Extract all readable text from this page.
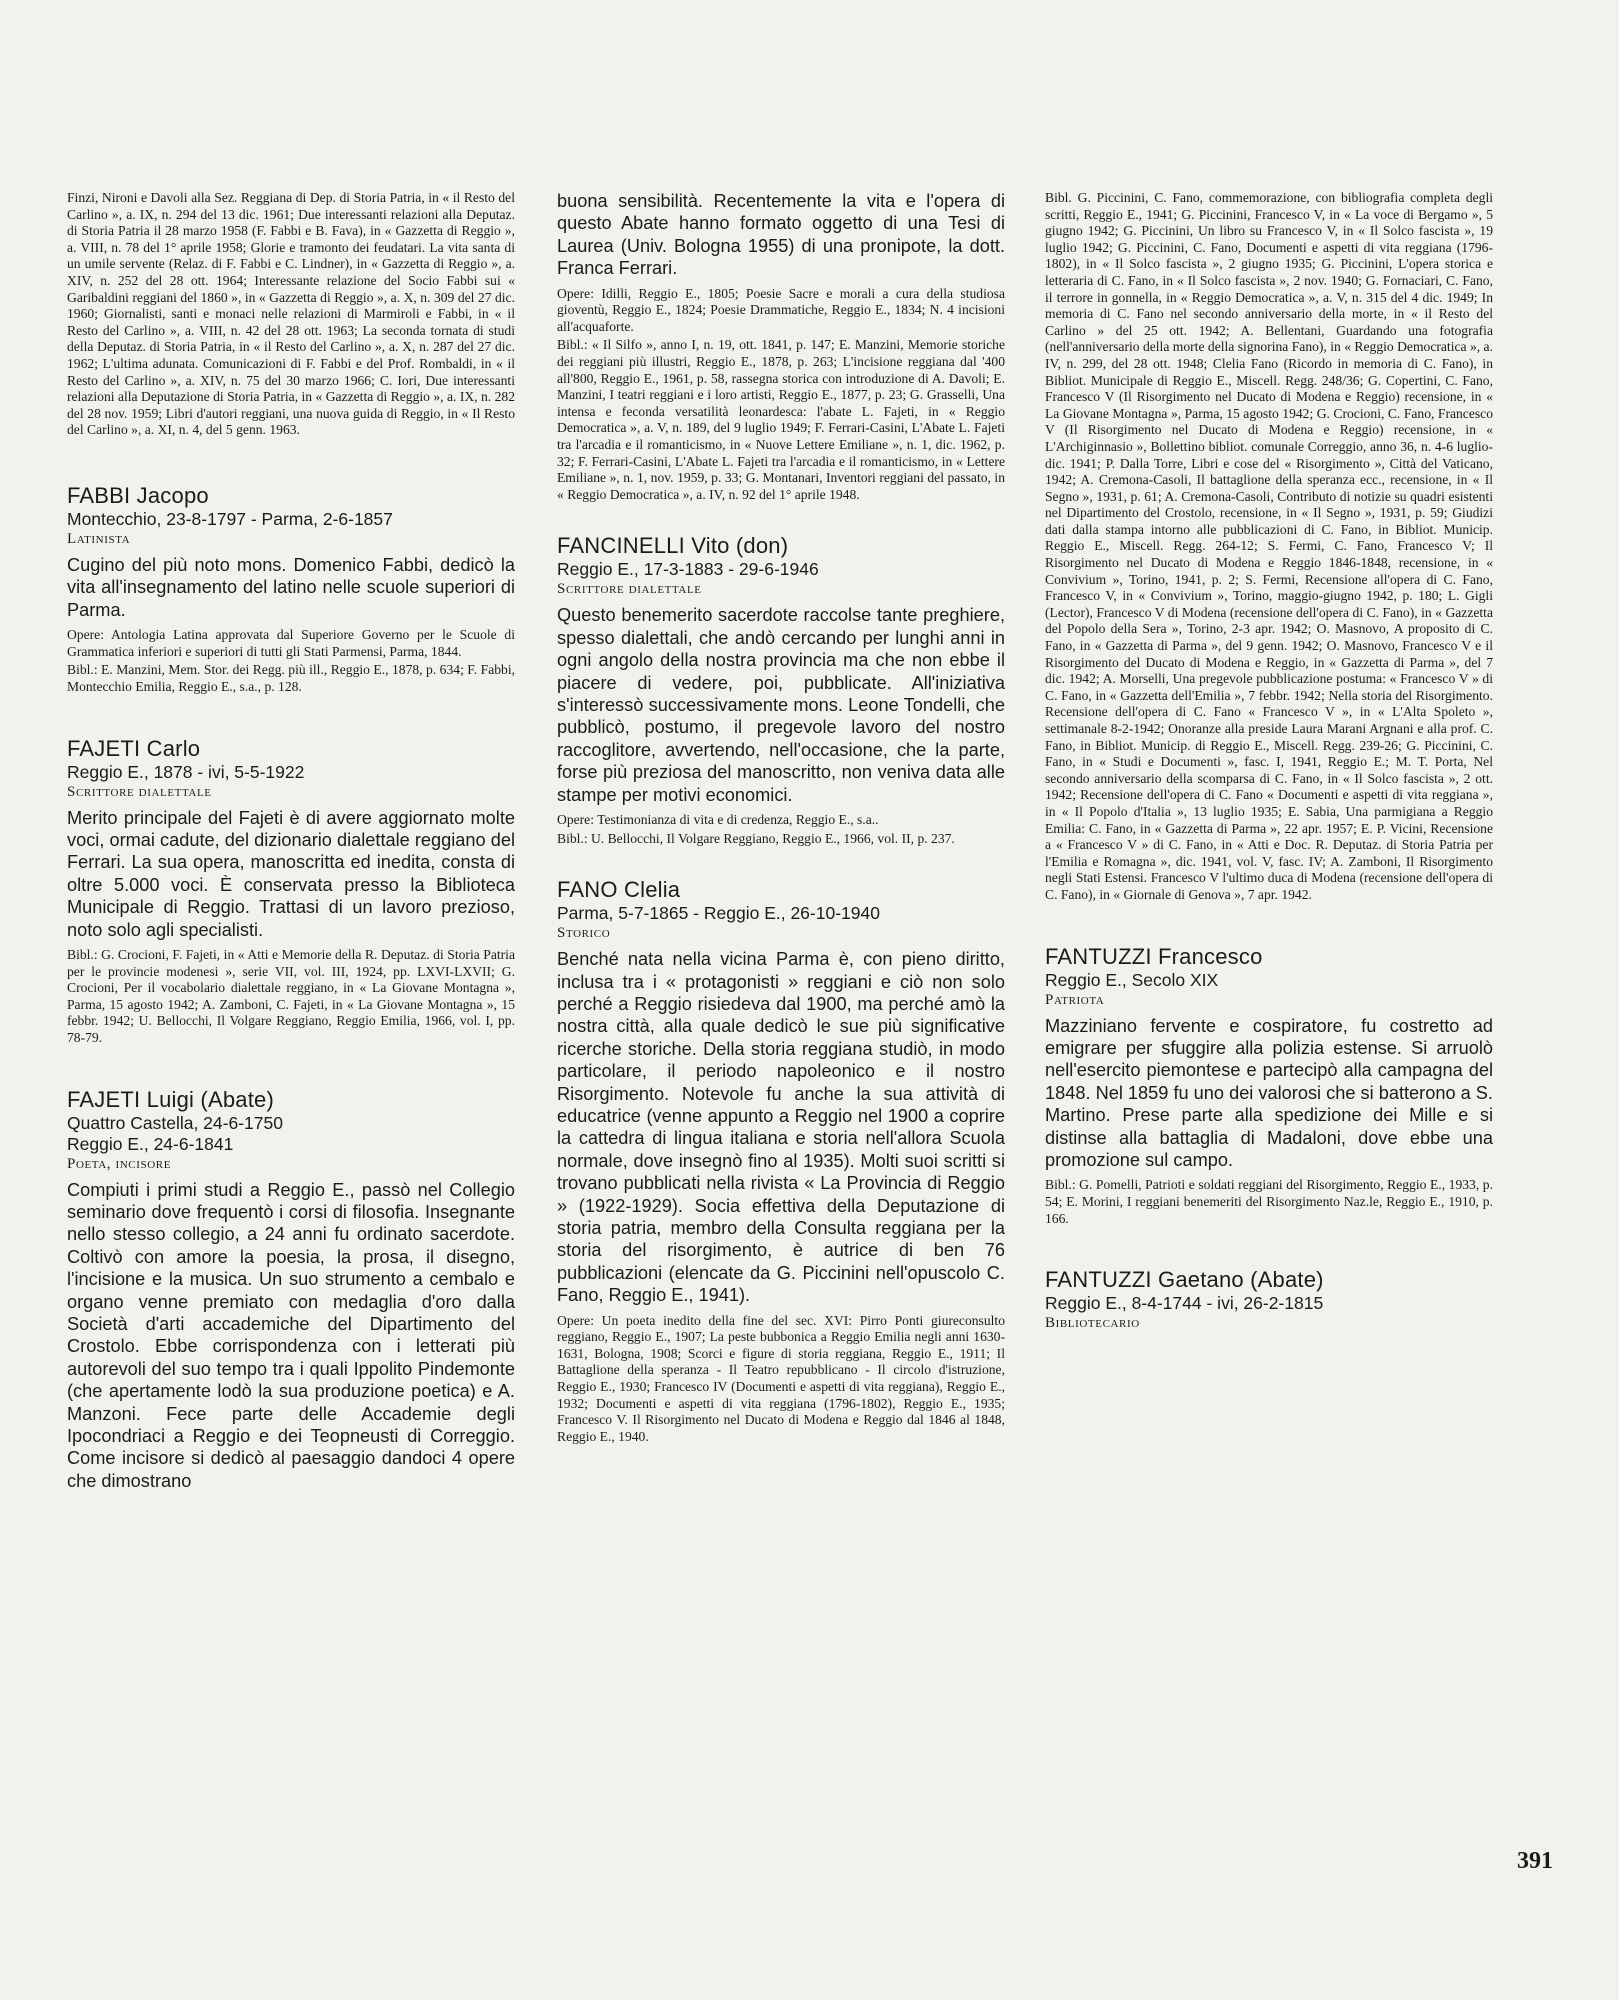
Finzi, Nironi e Davoli alla Sez. Reggiana di Dep. di Storia Patria, in « il Resto del Carlino », a. IX, n. 294 del 13 dic. 1961; Due interessanti relazioni alla Deputaz. di Storia Patria il 28 marzo 1958 (F. Fabbi e B. Fava), in « Gazzetta di Reggio », a. VIII, n. 78 del 1° aprile 1958; Glorie e tramonto dei feudatari. La vita santa di un umile servente (Relaz. di F. Fabbi e C. Lindner), in « Gazzetta di Reggio », a. XIV, n. 252 del 28 ott. 1964; Interessante relazione del Socio Fabbi sui « Garibaldini reggiani del 1860 », in « Gazzetta di Reggio », a. X, n. 309 del 27 dic. 1960; Giornalisti, santi e monaci nelle relazioni di Marmiroli e Fabbi, in « il Resto del Carlino », a. VIII, n. 42 del 28 ott. 1963; La seconda tornata di studi della Deputaz. di Storia Patria, in « il Resto del Carlino », a. X, n. 287 del 27 dic. 1962; L'ultima adunata. Comunicazioni di F. Fabbi e del Prof. Rombaldi, in « il Resto del Carlino », a. XIV, n. 75 del 30 marzo 1966; C. Iori, Due interessanti relazioni alla Deputazione di Storia Patria, in « Gazzetta di Reggio », a. IX, n. 282 del 28 nov. 1959; Libri d'autori reggiani, una nuova guida di Reggio, in « Il Resto del Carlino », a. XI, n. 4, del 5 genn. 1963.

FABBI Jacopo

Montecchio, 23-8-1797 - Parma, 2-6-1857

Latinista

Cugino del più noto mons. Domenico Fabbi, dedicò la vita all'insegnamento del latino nelle scuole superiori di Parma.

Opere: Antologia Latina approvata dal Superiore Governo per le Scuole di Grammatica inferiori e superiori di tutti gli Stati Parmensi, Parma, 1844.

Bibl.: E. Manzini, Mem. Stor. dei Regg. più ill., Reggio E., 1878, p. 634; F. Fabbi, Montecchio Emilia, Reggio E., s.a., p. 128.

FAJETI Carlo

Reggio E., 1878 - ivi, 5-5-1922

Scrittore dialettale

Merito principale del Fajeti è di avere aggiornato molte voci, ormai cadute, del dizionario dialettale reggiano del Ferrari. La sua opera, manoscritta ed inedita, consta di oltre 5.000 voci. È conservata presso la Biblioteca Municipale di Reggio. Trattasi di un lavoro prezioso, noto solo agli specialisti.

Bibl.: G. Crocioni, F. Fajeti, in « Atti e Memorie della R. Deputaz. di Storia Patria per le provincie modenesi », serie VII, vol. III, 1924, pp. LXVI-LXVII; G. Crocioni, Per il vocabolario dialettale reggiano, in « La Giovane Montagna », Parma, 15 agosto 1942; A. Zamboni, C. Fajeti, in « La Giovane Montagna », 15 febbr. 1942; U. Bellocchi, Il Volgare Reggiano, Reggio Emilia, 1966, vol. I, pp. 78-79.

FAJETI Luigi (Abate)

Quattro Castella, 24-6-1750

Reggio E., 24-6-1841

Poeta, incisore

Compiuti i primi studi a Reggio E., passò nel Collegio seminario dove frequentò i corsi di filosofia. Insegnante nello stesso collegio, a 24 anni fu ordinato sacerdote. Coltivò con amore la poesia, la prosa, il disegno, l'incisione e la musica. Un suo strumento a cembalo e organo venne premiato con medaglia d'oro dalla Società d'arti accademiche del Dipartimento del Crostolo. Ebbe corrispondenza con i letterati più autorevoli del suo tempo tra i quali Ippolito Pindemonte (che apertamente lodò la sua produzione poetica) e A. Manzoni. Fece parte delle Accademie degli Ipocondriaci a Reggio e dei Teopneusti di Correggio. Come incisore si dedicò al paesaggio dandoci 4 opere che dimostrano

buona sensibilità. Recentemente la vita e l'opera di questo Abate hanno formato oggetto di una Tesi di Laurea (Univ. Bologna 1955) di una pronipote, la dott. Franca Ferrari.

Opere: Idilli, Reggio E., 1805; Poesie Sacre e morali a cura della studiosa gioventù, Reggio E., 1824; Poesie Drammatiche, Reggio E., 1834; N. 4 incisioni all'acquaforte.

Bibl.: « Il Silfo », anno I, n. 19, ott. 1841, p. 147; E. Manzini, Memorie storiche dei reggiani più illustri, Reggio E., 1878, p. 263; L'incisione reggiana dal '400 all'800, Reggio E., 1961, p. 58, rassegna storica con introduzione di A. Davoli; E. Manzini, I teatri reggiani e i loro artisti, Reggio E., 1877, p. 23; G. Grasselli, Una intensa e feconda versatilità leonardesca: l'abate L. Fajeti, in « Reggio Democratica », a. V, n. 189, del 9 luglio 1949; F. Ferrari-Casini, L'Abate L. Fajeti tra l'arcadia e il romanticismo, in « Nuove Lettere Emiliane », n. 1, dic. 1962, p. 32; F. Ferrari-Casini, L'Abate L. Fajeti tra l'arcadia e il romanticismo, in « Lettere Emiliane », n. 1, nov. 1959, p. 33; G. Montanari, Inventori reggiani del passato, in « Reggio Democratica », a. IV, n. 92 del 1° aprile 1948.

FANCINELLI Vito (don)

Reggio E., 17-3-1883 - 29-6-1946

Scrittore dialettale

Questo benemerito sacerdote raccolse tante preghiere, spesso dialettali, che andò cercando per lunghi anni in ogni angolo della nostra provincia ma che non ebbe il piacere di vedere, poi, pubblicate. All'iniziativa s'interessò successivamente mons. Leone Tondelli, che pubblicò, postumo, il pregevole lavoro del nostro raccoglitore, avvertendo, nell'occasione, che la parte, forse più preziosa del manoscritto, non veniva data alle stampe per motivi economici.

Opere: Testimonianza di vita e di credenza, Reggio E., s.a..

Bibl.: U. Bellocchi, Il Volgare Reggiano, Reggio E., 1966, vol. II, p. 237.

FANO Clelia

Parma, 5-7-1865 - Reggio E., 26-10-1940

Storico

Benché nata nella vicina Parma è, con pieno diritto, inclusa tra i « protagonisti » reggiani e ciò non solo perché a Reggio risiedeva dal 1900, ma perché amò la nostra città, alla quale dedicò le sue più significative ricerche storiche. Della storia reggiana studiò, in modo particolare, il periodo napoleonico e il nostro Risorgimento. Notevole fu anche la sua attività di educatrice (venne appunto a Reggio nel 1900 a coprire la cattedra di lingua italiana e storia nell'allora Scuola normale, dove insegnò fino al 1935). Molti suoi scritti si trovano pubblicati nella rivista « La Provincia di Reggio » (1922-1929). Socia effettiva della Deputazione di storia patria, membro della Consulta reggiana per la storia del risorgimento, è autrice di ben 76 pubblicazioni (elencate da G. Piccinini nell'opuscolo C. Fano, Reggio E., 1941).

Opere: Un poeta inedito della fine del sec. XVI: Pirro Ponti giureconsulto reggiano, Reggio E., 1907; La peste bubbonica a Reggio Emilia negli anni 1630-1631, Bologna, 1908; Scorci e figure di storia reggiana, Reggio E., 1911; Il Battaglione della speranza - Il Teatro repubblicano - Il circolo d'istruzione, Reggio E., 1930; Francesco IV (Documenti e aspetti di vita reggiana), Reggio E., 1932; Documenti e aspetti di vita reggiana (1796-1802), Reggio E., 1935; Francesco V. Il Risorgimento nel Ducato di Modena e Reggio dal 1846 al 1848, Reggio E., 1940.

Bibl. G. Piccinini, C. Fano, commemorazione, con bibliografia completa degli scritti, Reggio E., 1941; G. Piccinini, Francesco V, in « La voce di Bergamo », 5 giugno 1942; G. Piccinini, Un libro su Francesco V, in « Il Solco fascista », 19 luglio 1942; G. Piccinini, C. Fano, Documenti e aspetti di vita reggiana (1796-1802), in « Il Solco fascista », 2 giugno 1935; G. Piccinini, L'opera storica e letteraria di C. Fano, in « Il Solco fascista », 2 nov. 1940; G. Fornaciari, C. Fano, il terrore in gonnella, in « Reggio Democratica », a. V, n. 315 del 4 dic. 1949; In memoria di C. Fano nel secondo anniversario della morte, in « il Resto del Carlino » del 25 ott. 1942; A. Bellentani, Guardando una fotografia (nell'anniversario della morte della signorina Fano), in « Reggio Democratica », a. IV, n. 299, del 28 ott. 1948; Clelia Fano (Ricordo in memoria di C. Fano), in Bibliot. Municipale di Reggio E., Miscell. Regg. 248/36; G. Copertini, C. Fano, Francesco V (Il Risorgimento nel Ducato di Modena e Reggio) recensione, in « La Giovane Montagna », Parma, 15 agosto 1942; G. Crocioni, C. Fano, Francesco V (Il Risorgimento nel Ducato di Modena e Reggio) recensione, in « L'Archiginnasio », Bollettino bibliot. comunale Correggio, anno 36, n. 4-6 luglio-dic. 1941; P. Dalla Torre, Libri e cose del « Risorgimento », Città del Vaticano, 1942; A. Cremona-Casoli, Il battaglione della speranza ecc., recensione, in « Il Segno », 1931, p. 61; A. Cremona-Casoli, Contributo di notizie su quadri esistenti nel Dipartimento del Crostolo, recensione, in « Il Segno », 1931, p. 59; Giudizi dati dalla stampa intorno alle pubblicazioni di C. Fano, in Bibliot. Municip. Reggio E., Miscell. Regg. 264-12; S. Fermi, C. Fano, Francesco V; Il Risorgimento nel Ducato di Modena e Reggio 1846-1848, recensione, in « Convivium », Torino, 1941, p. 2; S. Fermi, Recensione all'opera di C. Fano, Francesco V, in « Convivium », Torino, maggio-giugno 1942, p. 180; L. Gigli (Lector), Francesco V di Modena (recensione dell'opera di C. Fano), in « Gazzetta del Popolo della Sera », Torino, 2-3 apr. 1942; O. Masnovo, A proposito di C. Fano, in « Gazzetta di Parma », del 9 genn. 1942; O. Masnovo, Francesco V e il Risorgimento del Ducato di Modena e Reggio, in « Gazzetta di Parma », del 7 dic. 1942; A. Morselli, Una pregevole pubblicazione postuma: « Francesco V » di C. Fano, in « Gazzetta dell'Emilia », 7 febbr. 1942; Nella storia del Risorgimento. Recensione dell'opera di C. Fano « Francesco V », in « L'Alta Spoleto », settimanale 8-2-1942; Onoranze alla preside Laura Marani Argnani e alla prof. C. Fano, in Bibliot. Municip. di Reggio E., Miscell. Regg. 239-26; G. Piccinini, C. Fano, in « Studi e Documenti », fasc. I, 1941, Reggio E.; M. T. Porta, Nel secondo anniversario della scomparsa di C. Fano, in « Il Solco fascista », 2 ott. 1942; Recensione dell'opera di C. Fano « Documenti e aspetti di vita reggiana », in « Il Popolo d'Italia », 13 luglio 1935; E. Sabia, Una parmigiana a Reggio Emilia: C. Fano, in « Gazzetta di Parma », 22 apr. 1957; E. P. Vicini, Recensione a « Francesco V » di C. Fano, in « Atti e Doc. R. Deputaz. di Storia Patria per l'Emilia e Romagna », dic. 1941, vol. V, fasc. IV; A. Zamboni, Il Risorgimento negli Stati Estensi. Francesco V l'ultimo duca di Modena (recensione dell'opera di C. Fano), in « Giornale di Genova », 7 apr. 1942.

FANTUZZI Francesco

Reggio E., Secolo XIX

Patriota

Mazziniano fervente e cospiratore, fu costretto ad emigrare per sfuggire alla polizia estense. Si arruolò nell'esercito piemontese e partecipò alla campagna del 1848. Nel 1859 fu uno dei valorosi che si batterono a S. Martino. Prese parte alla spedizione dei Mille e si distinse alla battaglia di Madaloni, dove ebbe una promozione sul campo.

Bibl.: G. Pomelli, Patrioti e soldati reggiani del Risorgimento, Reggio E., 1933, p. 54; E. Morini, I reggiani benemeriti del Risorgimento Naz.le, Reggio E., 1910, p. 166.

FANTUZZI Gaetano (Abate)

Reggio E., 8-4-1744 - ivi, 26-2-1815

Bibliotecario

391
